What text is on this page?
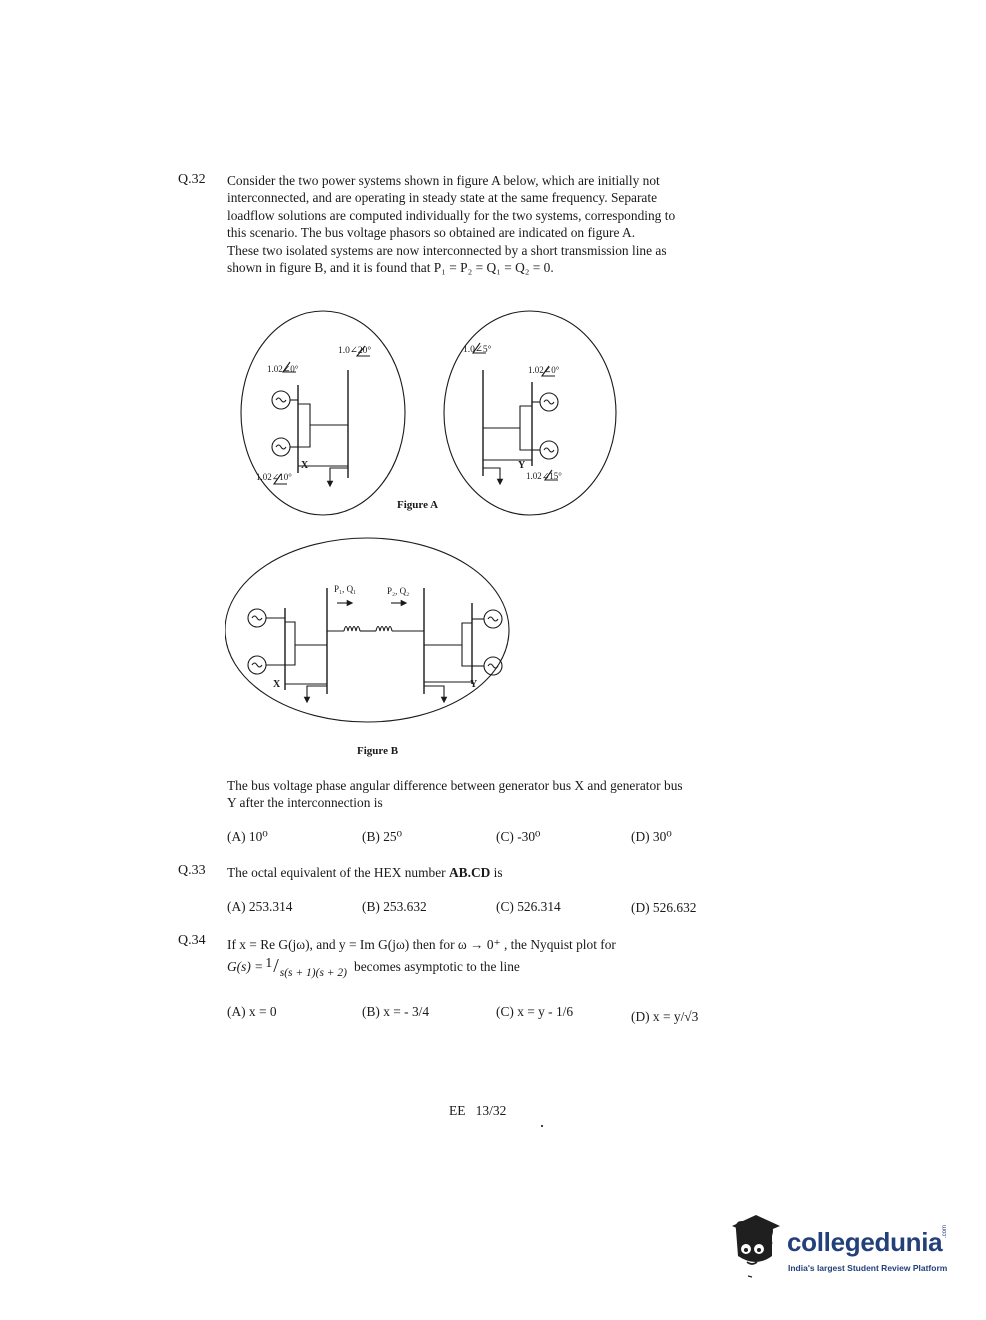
Q.32 Consider the two power systems shown in figure A below, which are initially not
interconnected, and are operating in steady state at the same frequency. Separate
loadflow solutions are computed individually for the two systems, corresponding to
this scenario. The bus voltage phasors so obtained are indicated on figure A.
These two isolated systems are now interconnected by a short transmission line as
shown in figure B, and it is found that P₁ = P₂ = Q₁ = Q₂ = 0.
1.02∠0°
1.0∠20°
1.02∠10°
X
1.0∠5°
1.02∠0°
1.02∠15°
Y
Figure A
P₁, Q₁	P₂, Q₂
X	Y
Figure B
The bus voltage phase angular difference between generator bus X and generator bus
Y after the interconnection is
(A) 10⁰	(B) 25⁰	(C) -30⁰	(D) 30⁰
Q.33 The octal equivalent of the HEX number AB.CD is
(A) 253.314	(B) 253.632	(C) 526.314	(D) 526.632
Q.34 If x = Re G(jω), and y = Im G(jω) then for ω → 0⁺ , the Nyquist plot for
G(s) = 1 / s(s + 1)(s + 2) becomes asymptotic to the line
(A) x = 0	(B) x = - 3/4	(C) x = y - 1/6	(D) x = y/√3
EE   13/32
collegedunia .com
India's largest Student Review Platform
